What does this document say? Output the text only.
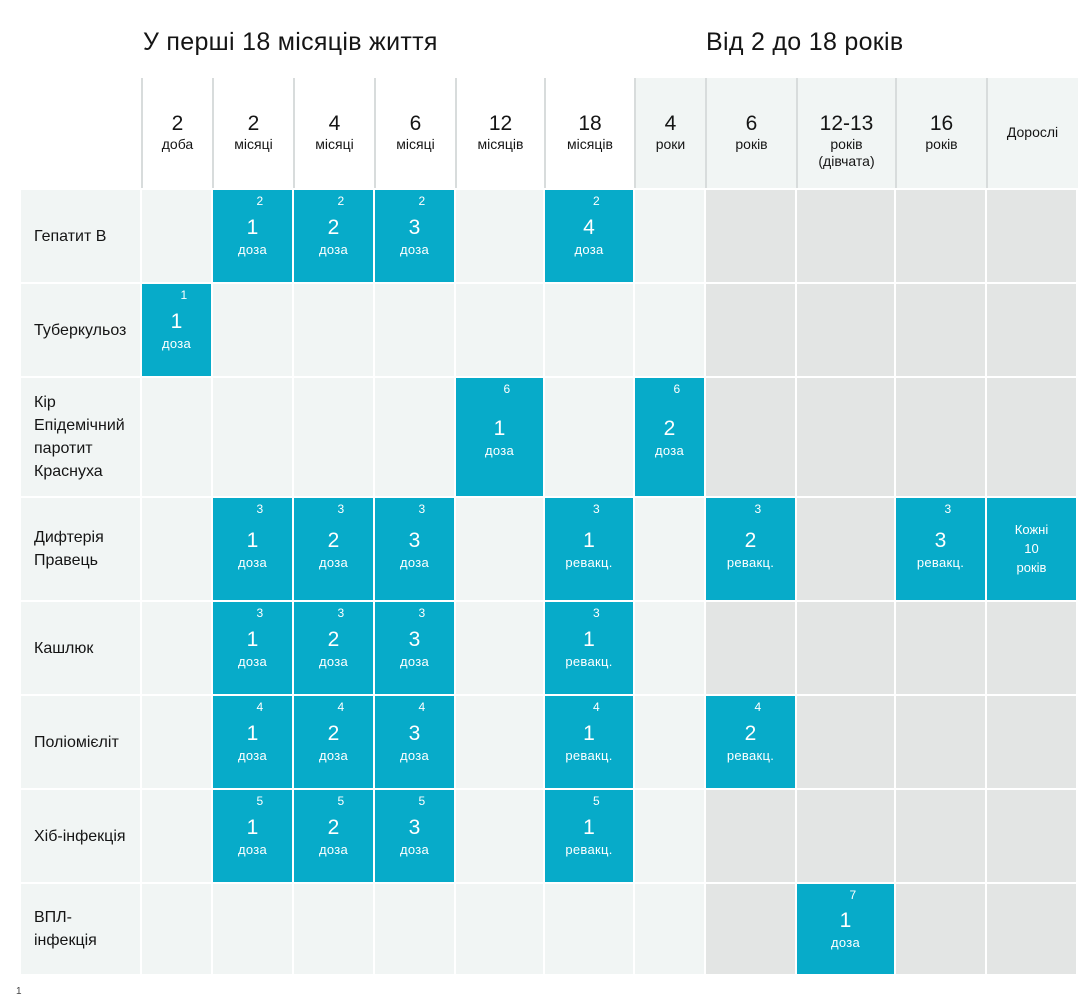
У перші 18 місяців життя	Від 2 до 18 років
2
доба
2
місяці
4
місяці
6
місяці
12
місяців
18
місяців
4
роки
6
років
12-13
років
(дівчата)
16
років
Дорослі
Гепатит В
Туберкульоз
Кір
Епідемічний
паротит
Краснуха
Дифтерія
Правець
Кашлюк
Поліомієліт
Хіб-інфекція
ВПЛ-
інфекція
2
1
доза
2
2
доза
2
3
доза
2
4
доза
1
1
доза
6
1
доза
6
2
доза
3
1
доза
3
2
доза
3
3
доза
3
1
ревакц.
3
2
ревакц.
3
3
ревакц.
Кожні
10
років
3
1
доза
3
2
доза
3
3
доза
3
1
ревакц.
4
1
доза
4
2
доза
4
3
доза
4
1
ревакц.
4
2
ревакц.
5
1
доза
5
2
доза
5
3
доза
5
1
ревакц.
7
1
доза
1
